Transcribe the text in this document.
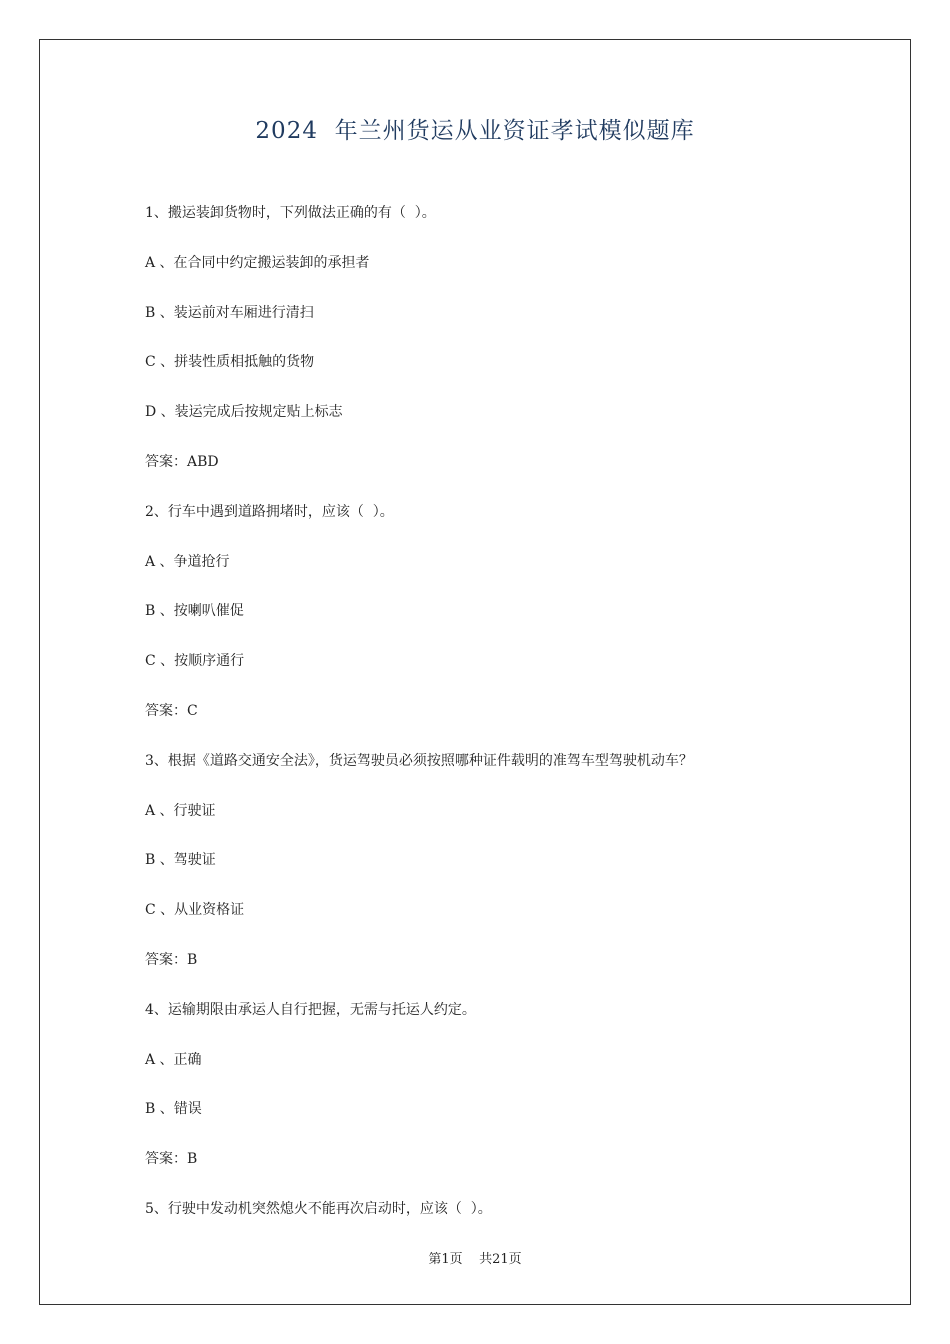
2024  年兰州货运从业资证孝试模似题库
1、搬运装卸货物时，下列做法正确的有（  ）。
A 、在合同中约定搬运装卸的承担者
B 、装运前对车厢进行清扫
C 、拼装性质相抵触的货物
D 、装运完成后按规定贴上标志
答案：ABD
2、行车中遇到道路拥堵时，应该（  ）。
A 、争道抢行
B 、按喇叭催促
C 、按顺序通行
答案：C
3、根据《道路交通安全法》，货运驾驶员必须按照哪种证件载明的准驾车型驾驶机动车？
A 、行驶证
B 、驾驶证
C 、从业资格证
答案：B
4、运输期限由承运人自行把握，无需与托运人约定。
A 、正确
B 、错误
答案：B
5、行驶中发动机突然熄火不能再次启动时，应该（  ）。
第1页    共21页
